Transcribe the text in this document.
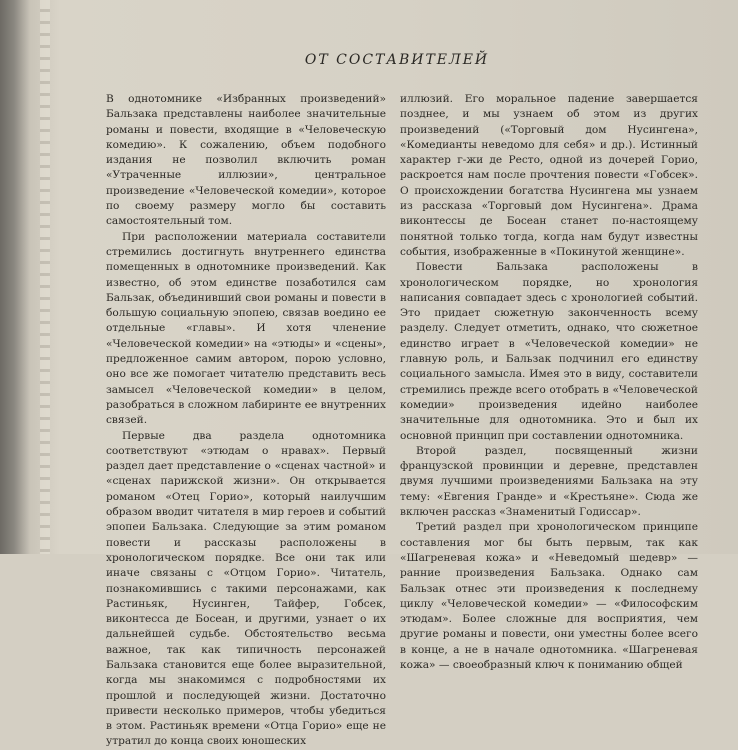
ОТ СОСТАВИТЕЛЕЙ

В однотомнике «Избранных произведений» Бальзака представлены наиболее значительные романы и повести, входящие в «Человеческую комедию». К сожалению, объем подобного издания не позволил включить роман «Утраченные иллюзии», центральное произведение «Человеческой комедии», которое по своему размеру могло бы составить самостоятельный том.

При расположении материала составители стремились достигнуть внутреннего единства помещенных в однотомнике произведений. Как известно, об этом единстве позаботился сам Бальзак, объединивший свои романы и повести в большую социальную эпопею, связав воедино ее отдельные «главы». И хотя членение «Человеческой комедии» на «этюды» и «сцены», предложенное самим автором, порою условно, оно все же помогает читателю представить весь замысел «Человеческой комедии» в целом, разобраться в сложном лабиринте ее внутренних связей.

Первые два раздела однотомника соответствуют «этюдам о нравах». Первый раздел дает представление о «сценах частной» и «сценах парижской жизни». Он открывается романом «Отец Горио», который наилучшим образом вводит читателя в мир героев и событий эпопеи Бальзака. Следующие за этим романом повести и рассказы расположены в хронологическом порядке. Все они так или иначе связаны с «Отцом Горио». Читатель, познакомившись с такими персонажами, как Растиньяк, Нусинген, Тайфер, Гобсек, виконтесса де Босеан, и другими, узнает о их дальнейшей судьбе. Обстоятельство весьма важное, так как типичность персонажей Бальзака становится еще более выразительной, когда мы знакомимся с подробностями их прошлой и последующей жизни. Достаточно привести несколько примеров, чтобы убедиться в этом. Растиньяк времени «Отца Горио» еще не утратил до конца своих юношеских

иллюзий. Его моральное падение завершается позднее, и мы узнаем об этом из других произведений («Торговый дом Нусингена», «Комедианты неведомо для себя» и др.). Истинный характер г-жи де Ресто, одной из дочерей Горио, раскроется нам после прочтения повести «Гобсек». О происхождении богатства Нусингена мы узнаем из рассказа «Торговый дом Нусингена». Драма виконтессы де Босеан станет по-настоящему понятной только тогда, когда нам будут известны события, изображенные в «Покинутой женщине».

Повести Бальзака расположены в хронологическом порядке, но хронология написания совпадает здесь с хронологией событий. Это придает сюжетную законченность всему разделу. Следует отметить, однако, что сюжетное единство играет в «Человеческой комедии» не главную роль, и Бальзак подчинил его единству социального замысла. Имея это в виду, составители стремились прежде всего отобрать в «Человеческой комедии» произведения идейно наиболее значительные для однотомника. Это и был их основной принцип при составлении однотомника.

Второй раздел, посвященный жизни французской провинции и деревне, представлен двумя лучшими произведениями Бальзака на эту тему: «Евгения Гранде» и «Крестьяне». Сюда же включен рассказ «Знаменитый Годиссар».

Третий раздел при хронологическом принципе составления мог бы быть первым, так как «Шагреневая кожа» и «Неведомый шедевр» — ранние произведения Бальзака. Однако сам Бальзак отнес эти произведения к последнему циклу «Человеческой комедии» — «Философским этюдам». Более сложные для восприятия, чем другие романы и повести, они уместны более всего в конце, а не в начале однотомника. «Шагреневая кожа» — своеобразный ключ к пониманию общей
